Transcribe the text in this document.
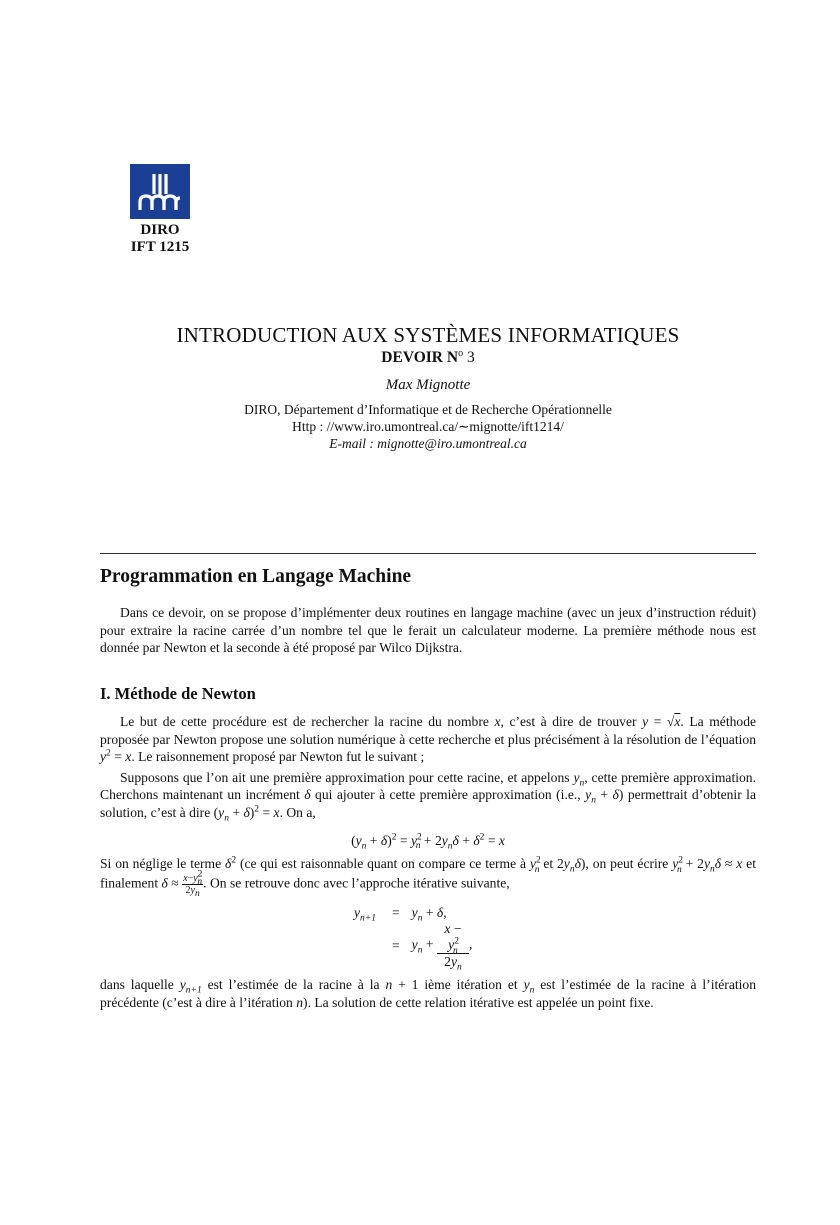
DIRO
IFT 1215
INTRODUCTION AUX SYSTÈMES INFORMATIQUES
DEVOIR $N^o$ 3
Max Mignotte
DIRO, Département d’Informatique et de Recherche Opérationnelle
Http : //www.iro.umontreal.ca/∼mignotte/ift1214/
E-mail : mignotte@iro.umontreal.ca
Programmation en Langage Machine

Dans ce devoir, on se propose d’implémenter deux routines en langage machine (avec un jeux d’instruction réduit) pour extraire la racine carrée d’un nombre tel que le ferait un calculateur moderne. La première méthode nous est donnée par Newton et la seconde à été proposé par Wilco Dijkstra.

I. Méthode de Newton

Le but de cette procédure est de rechercher la racine du nombre x, c’est à dire de trouver y = √x. La méthode proposée par Newton propose une solution numérique à cette recherche et plus précisément à la résolution de l’équation $y^2 = x$. Le raisonnement proposé par Newton fut le suivant ;

Supposons que l’on ait une première approximation pour cette racine, et appelons $y_n$, cette première approximation. Cherchons maintenant un incrément δ qui ajouter à cette première approximation (i.e., $y_n + \delta$) permettrait d’obtenir la solution, c’est à dire $(y_n + \delta)^2 = x$. On a,

$(y_n + \delta)^2 = y^2_n + 2y_n\delta + \delta^2 = x$

Si on néglige le terme $\delta^2$ (ce qui est raisonnable quant on compare ce terme à $y^2_n$ et $2y_n\delta$), on peut écrire $y^2_n + 2y_n\delta \approx x$ et finalement $\delta \approx \frac{x-y^2_n}{2y_n}$ . On se retrouve donc avec l’approche itérative suivante,

$y_{n+1}$	=	$y_n + \delta$,
	=	$y_n + \frac{x - y^2_n}{2y_n}$ ,

dans laquelle $y_{n+1}$ est l’estimée de la racine à la n + 1 ième itération et $y_n$ est l’estimée de la racine à l’itération précédente (c’est à dire à l’itération n). La solution de cette relation itérative est appelée un point fixe.
